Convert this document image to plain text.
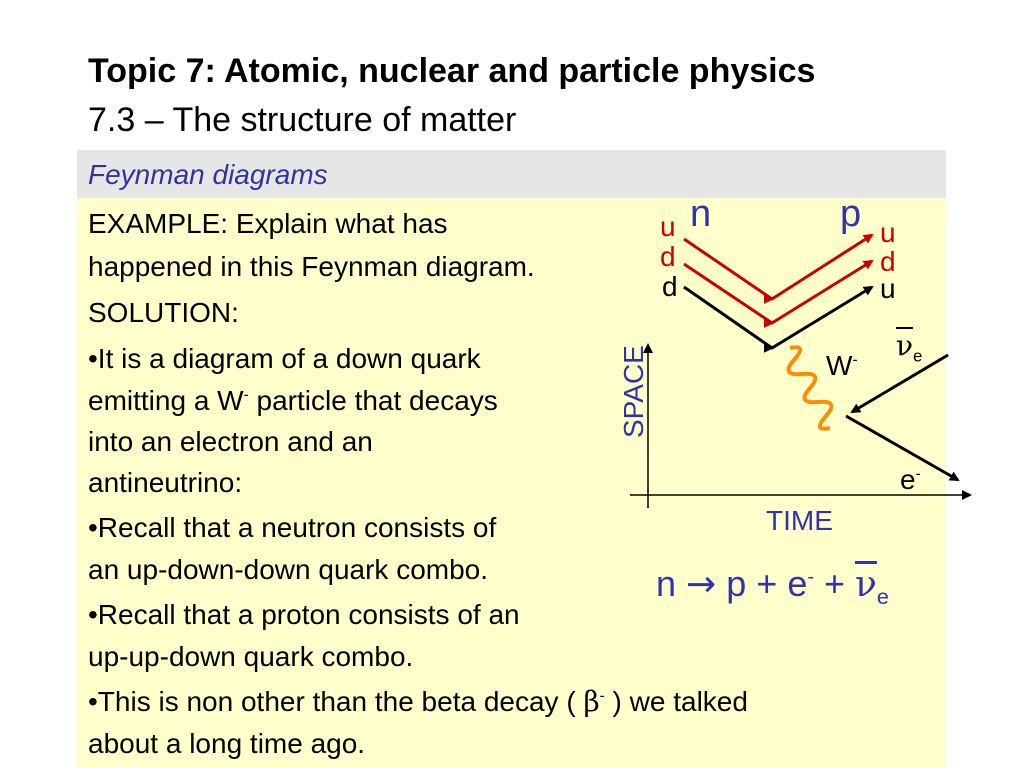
Topic 7: Atomic, nuclear and particle physics
7.3 – The structure of matter
Feynman diagrams
EXAMPLE: Explain what has
happened in this Feynman diagram.
SOLUTION:
•It is a diagram of a down quark
emitting a W- particle that decays
into an electron and an
antineutrino:
•Recall that a neutron consists of
an up-down-down quark combo.
•Recall that a proton consists of an
up-up-down quark combo.
•This is non other than the beta decay ( β- ) we talked
about a long time ago.
n	p
u
d
d
u
d
u
W- $\overline{\nu}_e$
e-
SPACE
TIME
$n \to p + e^- + \overline{\nu}_e$
